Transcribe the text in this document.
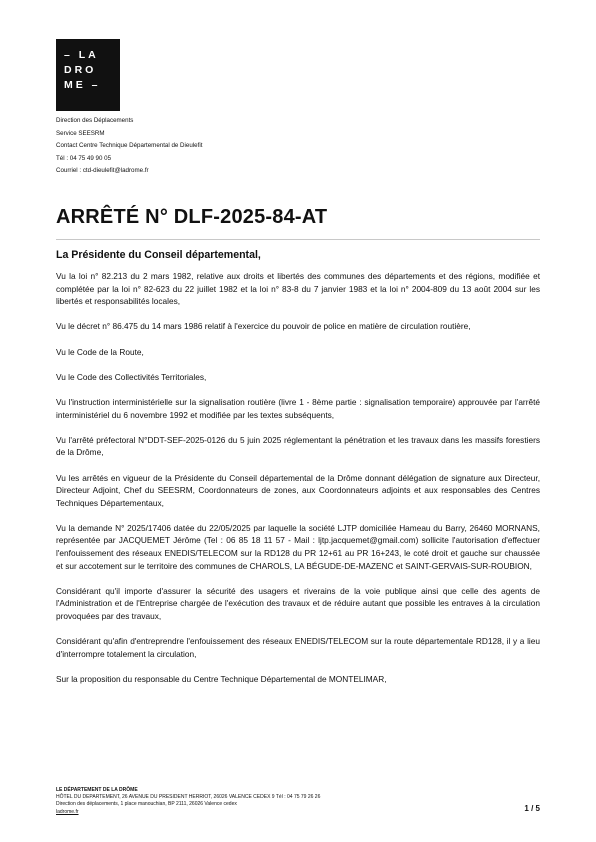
– LA
DRO
ME –
Direction des Déplacements
Service SEESRM
Contact Centre Technique Départemental de Dieulefit
Tél : 04 75 49 90 05
Courriel : ctd-dieulefit@ladrome.fr
ARRÊTÉ N° DLF-2025-84-AT
La Présidente du Conseil départemental,

Vu la loi n° 82.213 du 2 mars 1982, relative aux droits et libertés des communes des départements et des régions, modifiée et complétée par la loi n° 82-623 du 22 juillet 1982 et la loi n° 83-8 du 7 janvier 1983 et la loi n° 2004-809 du 13 août 2004 sur les libertés et responsabilités locales,

Vu le décret n° 86.475 du 14 mars 1986 relatif à l'exercice du pouvoir de police en matière de circulation routière,

Vu le Code de la Route,

Vu le Code des Collectivités Territoriales,

Vu l'instruction interministérielle sur la signalisation routière (livre 1 - 8ème partie : signalisation temporaire) approuvée par l'arrêté interministériel du 6 novembre 1992 et modifiée par les textes subséquents,

Vu l'arrêté préfectoral N°DDT-SEF-2025-0126 du 5 juin 2025 réglementant la pénétration et les travaux dans les massifs forestiers de la Drôme,

Vu les arrêtés en vigueur de la Présidente du Conseil départemental de la Drôme donnant délégation de signature aux Directeur, Directeur Adjoint, Chef du SEESRM, Coordonnateurs de zones, aux Coordonnateurs adjoints et aux responsables des Centres Techniques Départementaux,

Vu la demande N° 2025/17406 datée du 22/05/2025 par laquelle la société LJTP domiciliée Hameau du Barry, 26460 MORNANS, représentée par JACQUEMET Jérôme (Tel : 06 85 18 11 57 - Mail : ljtp.jacquemet@gmail.com) sollicite l'autorisation d'effectuer l'enfouissement des réseaux ENEDIS/TELECOM sur la RD128 du PR 12+61 au PR 16+243, le coté droit et gauche sur chaussée et sur accotement sur le territoire des communes de CHAROLS, LA BÉGUDE-DE-MAZENC et SAINT-GERVAIS-SUR-ROUBION,

Considérant qu'il importe d'assurer la sécurité des usagers et riverains de la voie publique ainsi que celle des agents de l'Administration et de l'Entreprise chargée de l'exécution des travaux et de réduire autant que possible les entraves à la circulation provoquées par des travaux,

Considérant qu'afin d'entreprendre l'enfouissement des réseaux ENEDIS/TELECOM sur la route départementale RD128, il y a lieu d'interrompre totalement la circulation,

Sur la proposition du responsable du Centre Technique Départemental de MONTELIMAR,

LE DÉPARTEMENT DE LA DRÔME
HÔTEL DU DEPARTEMENT, 26 AVENUE DU PRESIDENT HERRIOT, 26026 VALENCE CEDEX 9 Tél : 04 75 79 26 26
Direction des déplacements, 1 place manouchian, BP 2111, 26026 Valence cedex
ladrome.fr	1 / 5
